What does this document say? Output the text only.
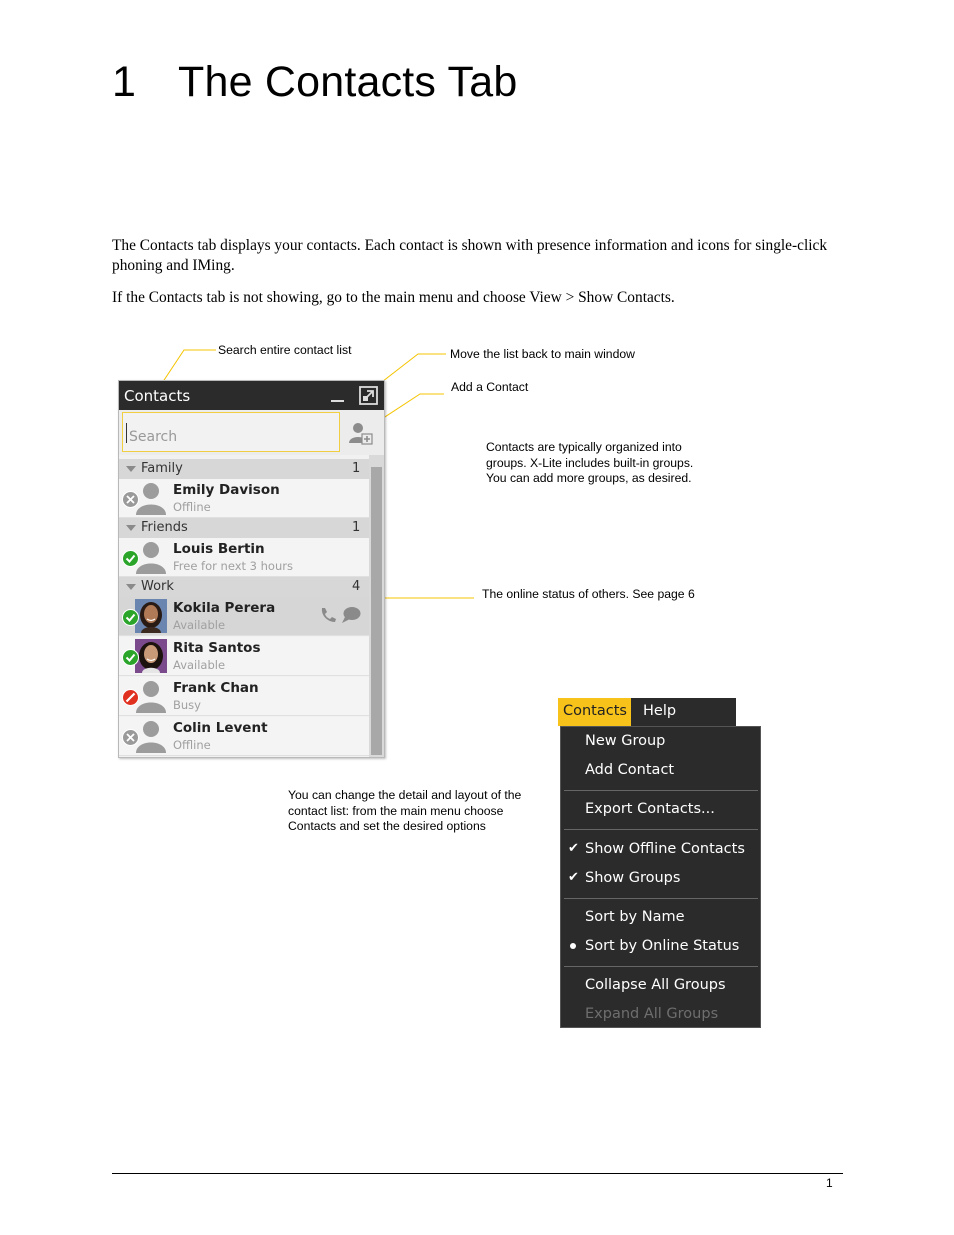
1 The Contacts Tab

The Contacts tab displays your contacts. Each contact is shown with presence information and icons for single-click phoning and IMing.

If the Contacts tab is not showing, go to the main menu and choose View > Show Contacts.

Search entire contact list	Move the list back to main window
Add a Contact
Contacts are typically organized into
groups. X-Lite includes built-in groups.
You can add more groups, as desired.
The online status of others. See page 6
You can change the detail and layout of the
contact list: from the main menu choose
Contacts and set the desired options
Contacts
Search
Family	1
Emily Davison
Offline
Friends	1
Louis Bertin
Free for next 3 hours
Work	4
Kokila Perera
Available
Rita Santos
Available
Frank Chan
Busy
Colin Levent
Offline
Contacts Help
New Group
Add Contact
Export Contacts...
✔ Show Offline Contacts
✔ Show Groups
Sort by Name
Sort by Online Status
Collapse All Groups
Expand All Groups
1
